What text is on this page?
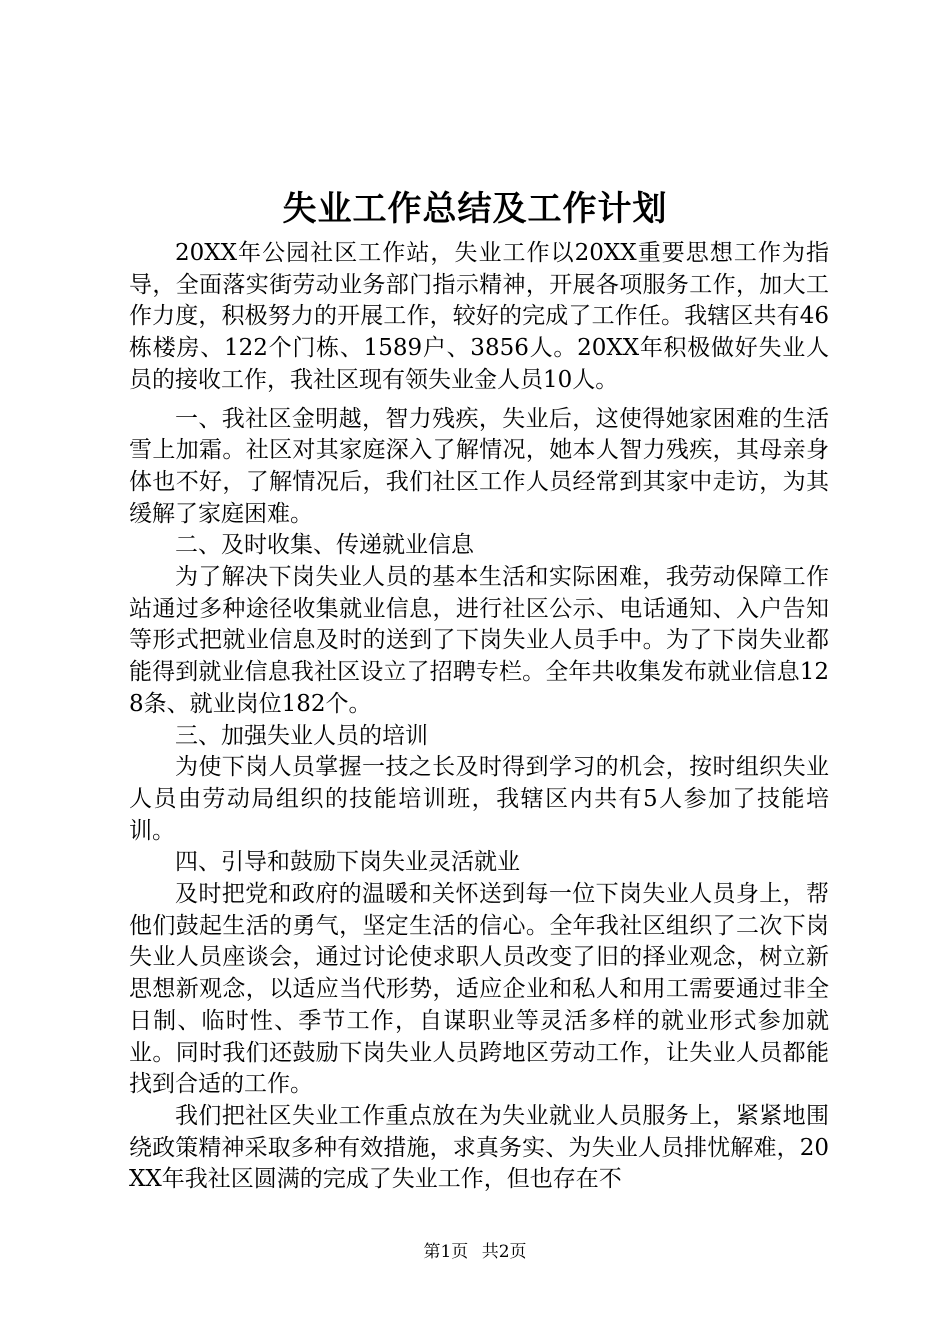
失业工作总结及工作计划

20XX年公园社区工作站，失业工作以20XX重要思想工作为指导，全面落实街劳动业务部门指示精神，开展各项服务工作，加大工作力度，积极努力的开展工作，较好的完成了工作任。我辖区共有46栋楼房、122个门栋、1589户、3856人。20XX年积极做好失业人员的接收工作，我社区现有领失业金人员10人。

一、我社区金明越，智力残疾，失业后，这使得她家困难的生活雪上加霜。社区对其家庭深入了解情况，她本人智力残疾，其母亲身体也不好，了解情况后，我们社区工作人员经常到其家中走访，为其缓解了家庭困难。

二、及时收集、传递就业信息

为了解决下岗失业人员的基本生活和实际困难，我劳动保障工作站通过多种途径收集就业信息，进行社区公示、电话通知、入户告知等形式把就业信息及时的送到了下岗失业人员手中。为了下岗失业都能得到就业信息我社区设立了招聘专栏。全年共收集发布就业信息128条、就业岗位182个。

三、加强失业人员的培训

为使下岗人员掌握一技之长及时得到学习的机会，按时组织失业人员由劳动局组织的技能培训班，我辖区内共有5人参加了技能培训。

四、引导和鼓励下岗失业灵活就业

及时把党和政府的温暖和关怀送到每一位下岗失业人员身上，帮他们鼓起生活的勇气，坚定生活的信心。全年我社区组织了二次下岗失业人员座谈会，通过讨论使求职人员改变了旧的择业观念，树立新思想新观念，以适应当代形势，适应企业和私人和用工需要通过非全日制、临时性、季节工作，自谋职业等灵活多样的就业形式参加就业。同时我们还鼓励下岗失业人员跨地区劳动工作，让失业人员都能找到合适的工作。

我们把社区失业工作重点放在为失业就业人员服务上，紧紧地围绕政策精神采取多种有效措施，求真务实、为失业人员排忧解难，20XX年我社区圆满的完成了失业工作，但也存在不

第1页 共2页
